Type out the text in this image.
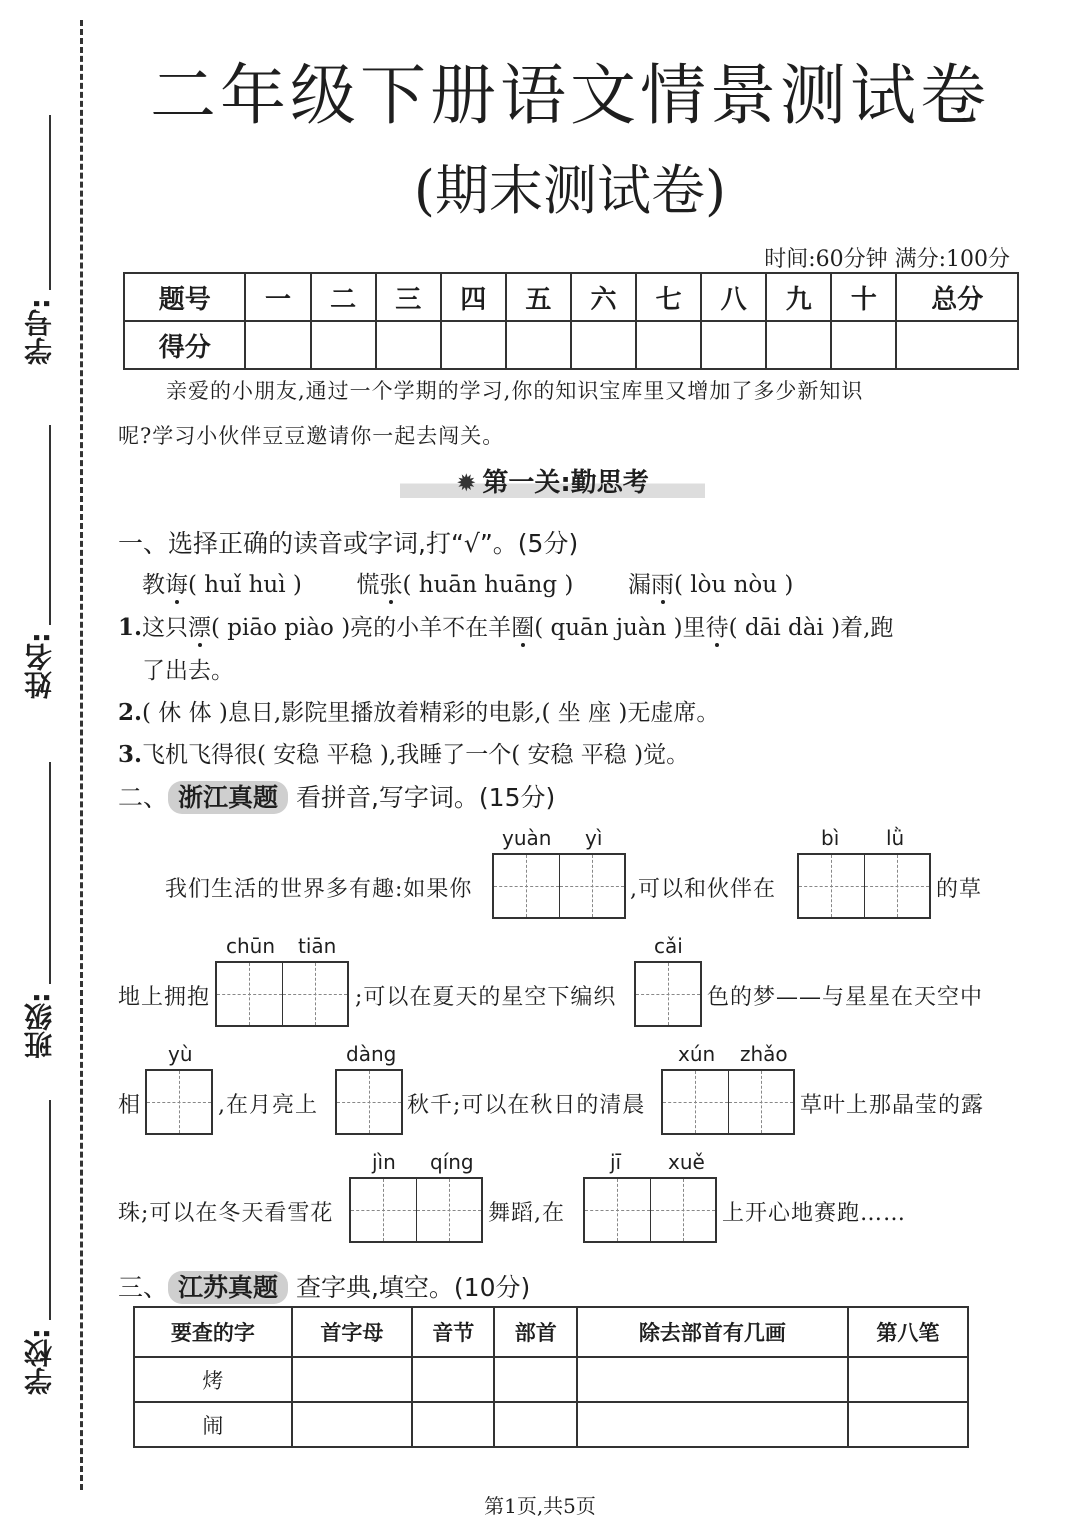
学号:
姓名:
班级:
学校:
二年级下册语文情景测试卷
(期末测试卷)
时间:60分钟 满分:100分
题号	一	二	三	四	五	六	七	八	九	十	总分
得分											
亲爱的小朋友,通过一个学期的学习,你的知识宝库里又增加了多少新知识
呢?学习小伙伴豆豆邀请你一起去闯关。
✹ 第一关:勤思考
一、选择正确的读音或字词,打“√”。(5分)
教诲( huǐ huì ) 慌张( huān huāng ) 漏雨( lòu nòu )
1.这只漂( piāo piào )亮的小羊不在羊圈( quān juàn )里待( dāi dài )着,跑
了出去。
2.( 休 体 )息日,影院里播放着精彩的电影,( 坐 座 )无虚席。
3.飞机飞得很( 安稳 平稳 ),我睡了一个( 安稳 平稳 )觉。
二、 浙江真题 看拼音,写字词。(15分)
yuàn yì	bì lǜ
我们生活的世界多有趣:如果你	,可以和伙伴在	的草
chūn tiān	cǎi
地上拥抱	;可以在夏天的星空下编织	色的梦——与星星在天空中
yù	dàng	xún zhǎo
相	,在月亮上	秋千;可以在秋日的清晨	草叶上那晶莹的露
jìn qíng	jī xuě
珠;可以在冬天看雪花	舞蹈,在	上开心地赛跑……
三、 江苏真题 查字典,填空。(10分)
要查的字	首字母	音节	部首	除去部首有几画	第八笔
烤					
闹					
第1页,共5页
